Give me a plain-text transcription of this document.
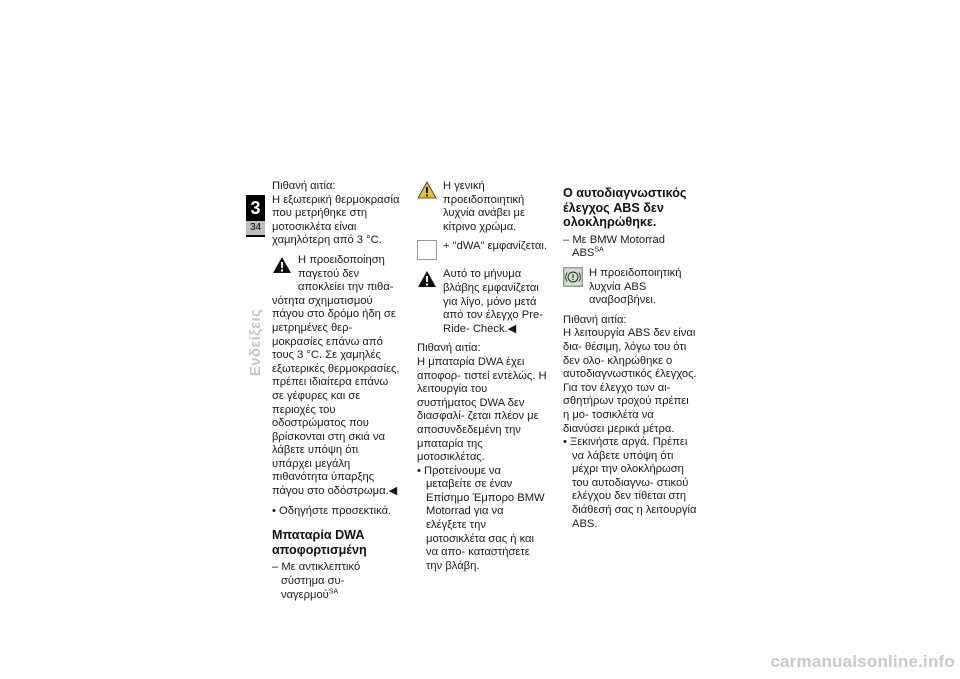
3
34
Ενδείξεις

Πιθανή αιτία:

Η εξωτερική θερμοκρασία που μετρήθηκε στη μοτοσικλέτα είναι χαμηλότερη από 3 °C.

Η προειδοποίηση παγετού δεν αποκλείει την πιθα-

νότητα σχηματισμού πάγου στο δρόμο ήδη σε μετρημένες θερ- μοκρασίες επάνω από τους 3 °C. Σε χαμηλές εξωτερικές θερμοκρασίες, πρέπει ιδιαίτερα επάνω σε γέφυρες και σε περιοχές του οδοστρώματος που βρίσκονται στη σκιά να λάβετε υπόψη ότι υπάρχει μεγάλη πιθανότητα ύπαρξης πάγου στο οδόστρωμα.◀

• Οδηγήστε προσεκτικά.

Μπαταρία DWA αποφορτισμένη

– Με αντικλεπτικό σύστημα συ- ναγερμού$^{SA}$

Η γενική προειδοποιητική λυχνία ανάβει με κίτρινο χρώμα.

+ "dWA" εμφανίζεται.

Αυτό το μήνυμα βλάβης εμφανίζεται για λίγο, μόνο μετά από τον έλεγχο Pre-Ride- Check.◀

Πιθανή αιτία:

Η μπαταρία DWA έχει αποφορ- τιστεί εντελώς. Η λειτουργία του συστήματος DWA δεν διασφαλί- ζεται πλέον με αποσυνδεδεμένη την μπαταρία της μοτοσικλέτας.

• Προτείνουμε να μεταβείτε σε έναν Επίσημο Έμπορο BMW Motorrad για να ελέγξετε την μοτοσικλέτα σας ή και να απο- καταστήσετε την βλάβη.

Ο αυτοδιαγνωστικός έλεγχος ABS δεν ολοκληρώθηκε.

– Με BMW Motorrad $ABS^{SA}$

Η προειδοποιητική λυχνία ABS αναβοσβήνει.

Πιθανή αιτία:

Η λειτουργία ABS δεν είναι δια- θέσιμη, λόγω του ότι δεν ολο- κληρώθηκε ο αυτοδιαγνωστικός έλεγχος. Για τον έλεγχο των αι- σθητήρων τροχού πρέπει η μο- τοσικλέτα να διανύσει μερικά μέτρα.

• Ξεκινήστε αργά. Πρέπει να λάβετε υπόψη ότι μέχρι την ολοκλήρωση του αυτοδιαγνω- στικού ελέγχου δεν τίθεται στη διάθεσή σας η λειτουργία ABS.

carmanualsonline.info
